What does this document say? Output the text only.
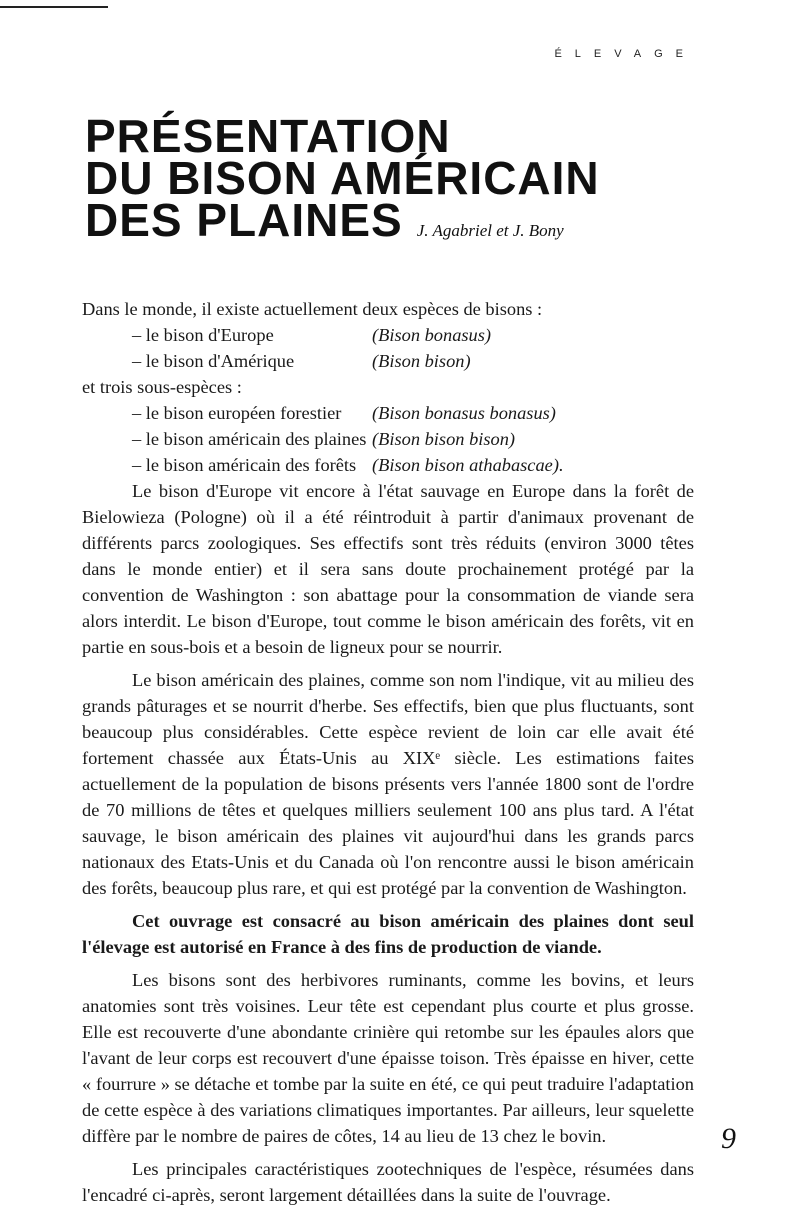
ÉLEVAGE
PRÉSENTATION
DU BISON AMÉRICAIN
DES PLAINES J. Agabriel et J. Bony
Dans le monde, il existe actuellement deux espèces de bisons :
– le bison d'Europe	(Bison bonasus)
– le bison d'Amérique	(Bison bison)
et trois sous-espèces :
– le bison européen forestier	(Bison bonasus bonasus)
– le bison américain des plaines (Bison bison bison)
– le bison américain des forêts (Bison bison athabascae).

Le bison d'Europe vit encore à l'état sauvage en Europe dans la forêt de Bielowieza (Pologne) où il a été réintroduit à partir d'animaux provenant de différents parcs zoologiques. Ses effectifs sont très réduits (environ 3000 têtes dans le monde entier) et il sera sans doute prochainement protégé par la convention de Washington : son abattage pour la consommation de viande sera alors interdit. Le bison d'Europe, tout comme le bison américain des forêts, vit en partie en sous-bois et a besoin de ligneux pour se nourrir.

Le bison américain des plaines, comme son nom l'indique, vit au milieu des grands pâturages et se nourrit d'herbe. Ses effectifs, bien que plus fluctuants, sont beaucoup plus considérables. Cette espèce revient de loin car elle avait été fortement chassée aux États-Unis au XIXᵉ siècle. Les estimations faites actuellement de la population de bisons présents vers l'année 1800 sont de l'ordre de 70 millions de têtes et quelques milliers seulement 100 ans plus tard. A l'état sauvage, le bison américain des plaines vit aujourd'hui dans les grands parcs nationaux des Etats-Unis et du Canada où l'on rencontre aussi le bison américain des forêts, beaucoup plus rare, et qui est protégé par la convention de Washington.

Cet ouvrage est consacré au bison américain des plaines dont seul l'élevage est autorisé en France à des fins de production de viande.

Les bisons sont des herbivores ruminants, comme les bovins, et leurs anatomies sont très voisines. Leur tête est cependant plus courte et plus grosse. Elle est recouverte d'une abondante crinière qui retombe sur les épaules alors que l'avant de leur corps est recouvert d'une épaisse toison. Très épaisse en hiver, cette « fourrure » se détache et tombe par la suite en été, ce qui peut traduire l'adaptation de cette espèce à des variations climatiques importantes. Par ailleurs, leur squelette diffère par le nombre de paires de côtes, 14 au lieu de 13 chez le bovin.

Les principales caractéristiques zootechniques de l'espèce, résumées dans l'encadré ci-après, seront largement détaillées dans la suite de l'ouvrage.

9
